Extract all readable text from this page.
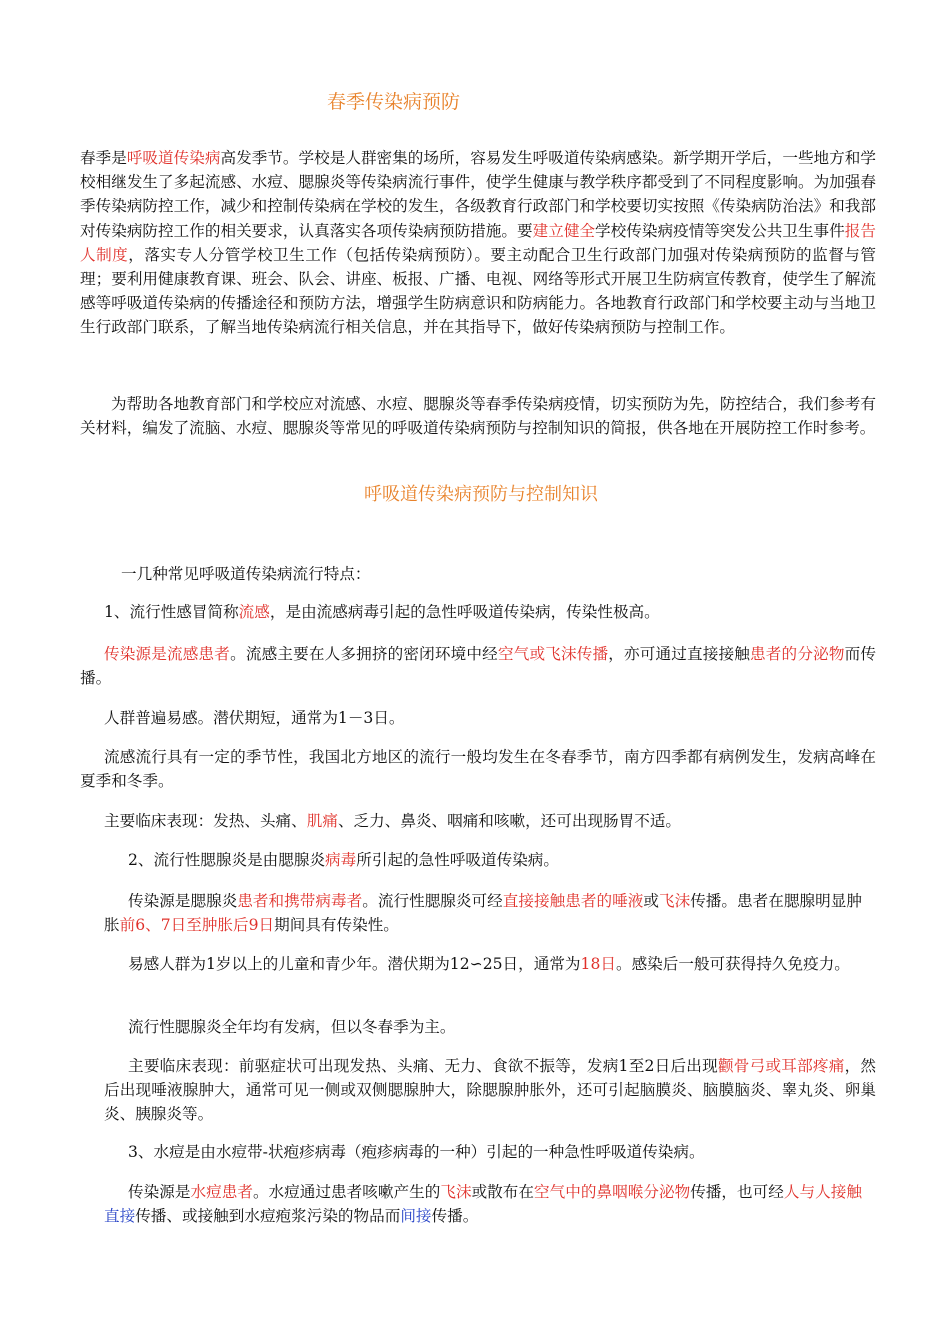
春季传染病预防
春季是呼吸道传染病高发季节。学校是人群密集的场所，容易发生呼吸道传染病感染。新学期开学后，一些地方和学校相继发生了多起流感、水痘、腮腺炎等传染病流行事件，使学生健康与教学秩序都受到了不同程度影响。为加强春季传染病防控工作，减少和控制传染病在学校的发生，各级教育行政部门和学校要切实按照《传染病防治法》和我部对传染病防控工作的相关要求，认真落实各项传染病预防措施。要建立健全学校传染病疫情等突发公共卫生事件报告人制度，落实专人分管学校卫生工作（包括传染病预防）。要主动配合卫生行政部门加强对传染病预防的监督与管理；要利用健康教育课、班会、队会、讲座、板报、广播、电视、网络等形式开展卫生防病宣传教育，使学生了解流感等呼吸道传染病的传播途径和预防方法，增强学生防病意识和防病能力。各地教育行政部门和学校要主动与当地卫生行政部门联系，了解当地传染病流行相关信息，并在其指导下，做好传染病预防与控制工作。
为帮助各地教育部门和学校应对流感、水痘、腮腺炎等春季传染病疫情，切实预防为先，防控结合，我们参考有关材料，编发了流脑、水痘、腮腺炎等常见的呼吸道传染病预防与控制知识的简报，供各地在开展防控工作时参考。
呼吸道传染病预防与控制知识
一几种常见呼吸道传染病流行特点：
1、流行性感冒简称流感，是由流感病毒引起的急性呼吸道传染病，传染性极高。
传染源是流感患者。流感主要在人多拥挤的密闭环境中经空气或飞沫传播，亦可通过直接接触患者的分泌物而传播。
人群普遍易感。潜伏期短，通常为1－3日。
流感流行具有一定的季节性，我国北方地区的流行一般均发生在冬春季节，南方四季都有病例发生，发病高峰在夏季和冬季。
主要临床表现：发热、头痛、肌痛、乏力、鼻炎、咽痛和咳嗽，还可出现肠胃不适。
2、流行性腮腺炎是由腮腺炎病毒所引起的急性呼吸道传染病。
传染源是腮腺炎患者和携带病毒者。流行性腮腺炎可经直接接触患者的唾液或飞沫传播。患者在腮腺明显肿胀前6、7日至肿胀后9日期间具有传染性。
易感人群为1岁以上的儿童和青少年。潜伏期为12∽25日，通常为18日。感染后一般可获得持久免疫力。
流行性腮腺炎全年均有发病，但以冬春季为主。
主要临床表现：前驱症状可出现发热、头痛、无力、食欲不振等，发病1至2日后出现颧骨弓或耳部疼痛，然后出现唾液腺肿大，通常可见一侧或双侧腮腺肿大，除腮腺肿胀外，还可引起脑膜炎、脑膜脑炎、睾丸炎、卵巢炎、胰腺炎等。
3、水痘是由水痘带-状疱疹病毒（疱疹病毒的一种）引起的一种急性呼吸道传染病。
传染源是水痘患者。水痘通过患者咳嗽产生的飞沫或散布在空气中的鼻咽喉分泌物传播，也可经人与人接触直接传播、或接触到水痘疱浆污染的物品而间接传播。
